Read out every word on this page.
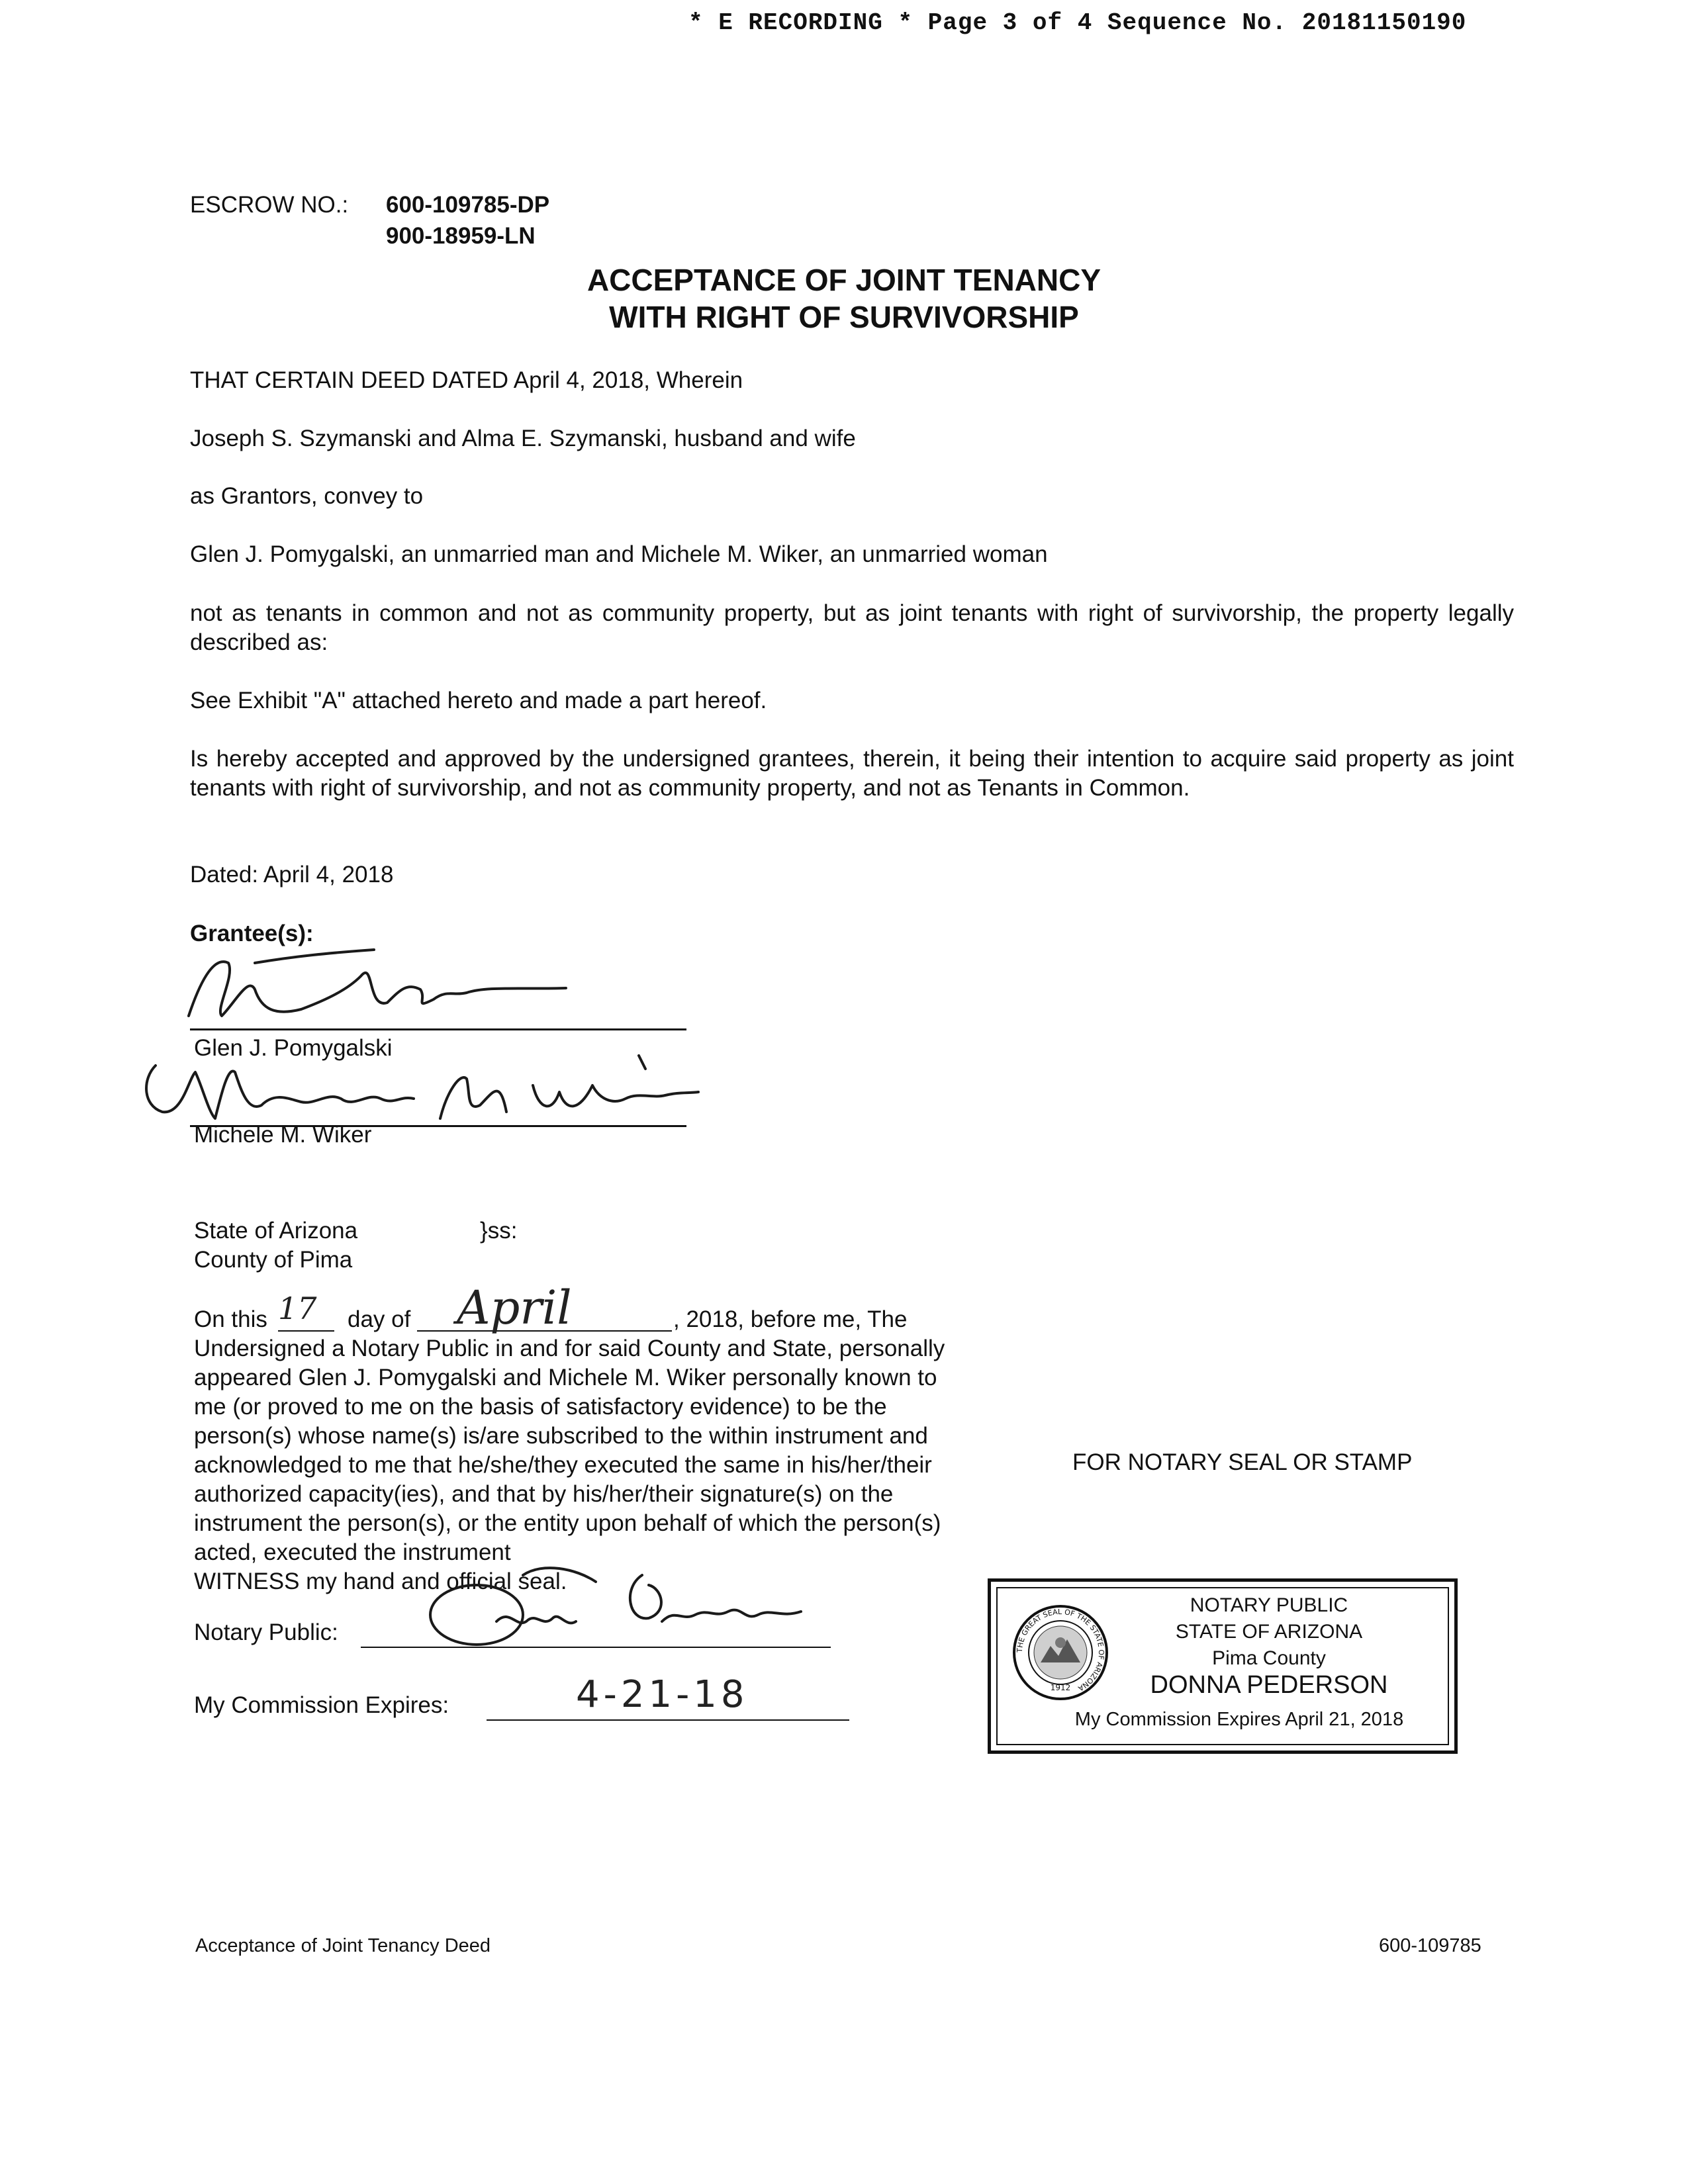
* E RECORDING * Page 3 of 4 Sequence No. 20181150190
ESCROW NO.: 600-109785-DP
900-18959-LN
ACCEPTANCE OF JOINT TENANCY
WITH RIGHT OF SURVIVORSHIP
THAT CERTAIN DEED DATED April 4, 2018, Wherein
Joseph S. Szymanski and Alma E. Szymanski, husband and wife
as Grantors, convey to
Glen J. Pomygalski, an unmarried man and Michele M. Wiker, an unmarried woman
not as tenants in common and not as community property, but as joint tenants with right of survivorship, the property legally described as:
See Exhibit "A" attached hereto and made a part hereof.
Is hereby accepted and approved by the undersigned grantees, therein, it being their intention to acquire said property as joint tenants with right of survivorship, and not as community property, and not as Tenants in Common.
Dated: April 4, 2018
Grantee(s):
Glen J. Pomygalski
Michele M. Wiker
State of Arizona	}ss:
County of Pima
On this 17 day of April	, 2018, before me, The
Undersigned a Notary Public in and for said County and State, personally
appeared Glen J. Pomygalski and Michele M. Wiker personally known to
me (or proved to me on the basis of satisfactory evidence) to be the
person(s) whose name(s) is/are subscribed to the within instrument and
acknowledged to me that he/she/they executed the same in his/her/their
authorized capacity(ies), and that by his/her/their signature(s) on the
instrument the person(s), or the entity upon behalf of which the person(s)
acted, executed the instrument
WITNESS my hand and official seal.
Notary Public:
My Commission Expires:	4-21-18
FOR NOTARY SEAL OR STAMP
THE GREAT SEAL OF THE STATE OF ARIZONA
1912
NOTARY PUBLIC
STATE OF ARIZONA
Pima County
DONNA PEDERSON
My Commission Expires April 21, 2018
Acceptance of Joint Tenancy Deed	600-109785
